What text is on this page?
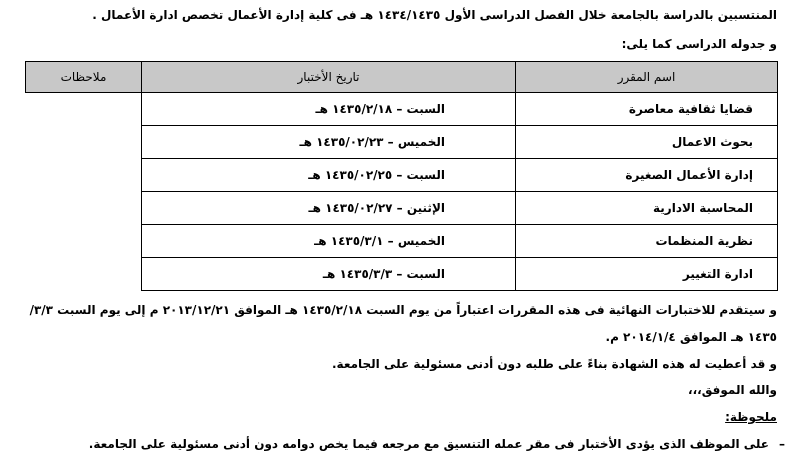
المنتسبين بالدراسة بالجامعة خلال الفصل الدراسى الأول ١٤٣٤/١٤٣٥ هـ فى كلية إدارة الأعمال تخصص ادارة الأعمال .
و جدوله الدراسى كما يلى:
اسم المقرر	تاريخ الأختبار	ملاحظات
قضايا ثقافية معاصرة	السبت – ١٤٣٥/٢/١٨ هـ	
بحوث الاعمال	الخميس – ١٤٣٥/٠٢/٢٣ هـ	
إدارة الأعمال الصغيرة	السبت – ١٤٣٥/٠٢/٢٥ هـ	
المحاسبة الادارية	الإثنين – ١٤٣٥/٠٢/٢٧ هـ	
نظرية المنظمات	الخميس – ١٤٣٥/٣/١ هـ	
ادارة التغيير	السبت – ١٤٣٥/٣/٣ هـ	
و سيتقدم للاختبارات النهائية فى هذه المقررات اعتباراً من يوم السبت ١٤٣٥/٢/١٨ هـ الموافق ٢٠١٣/١٢/٢١ م إلى يوم السبت ٣/٣/
١٤٣٥ هـ الموافق ٢٠١٤/١/٤ م.
و قد أعطيت له هذه الشهادة بناءً على طلبه دون أدنى مسئولية على الجامعة.
والله الموفق،،،
ملحوظة:
–
على الموظف الذى يؤدى الأختبار فى مقر عمله التنسيق مع مرجعه فيما يخص دوامه دون أدنى مسئولية على الجامعة.
